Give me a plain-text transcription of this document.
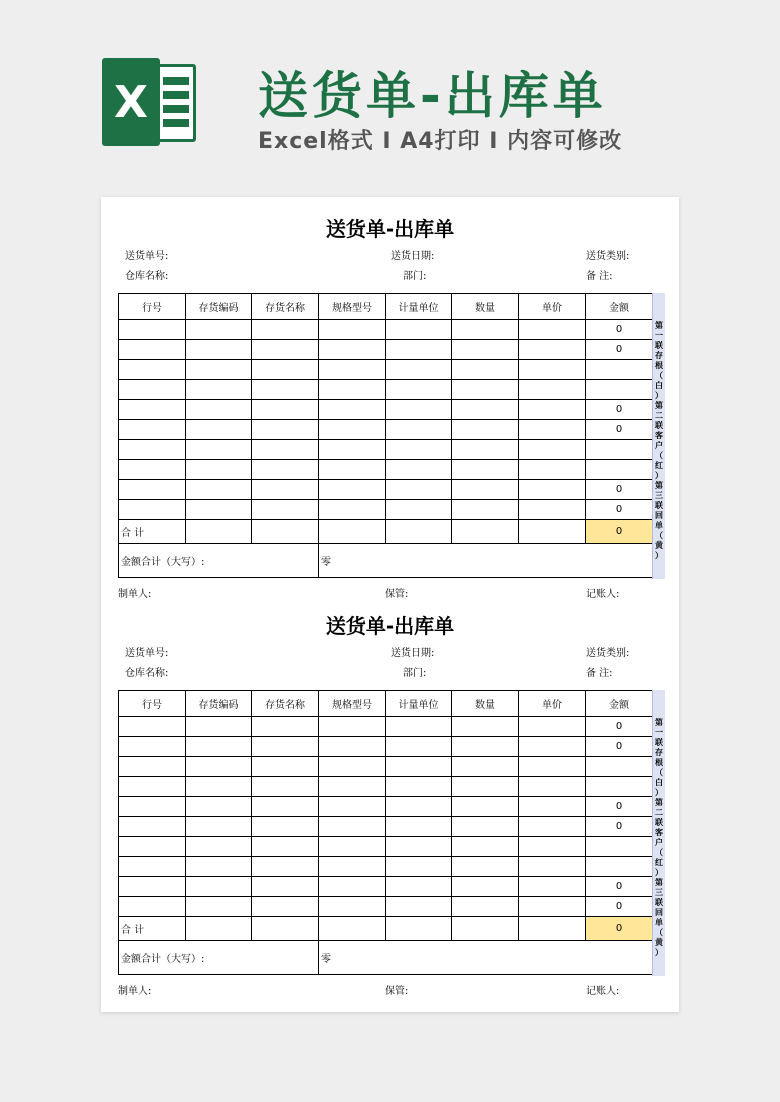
X 送货单-出库单
Excel格式 I A4打印 I 内容可修改
送货单-出库单
送货单号:	送货日期:	送货类别:
仓库名称:	部门:	备 注:
行号	存货编码	存货名称	规格型号	计量单位	数量	单价	金额
							0
							0

							0
							0

							0
							0
合 计							0
金额合计（大写）:			零				
第
一
联
存
根
（
白
）
第
二
联
客
户
（
红
）
第
三
联
回
单
（
黄
）
制单人:	保管:	记账人:
送货单-出库单
送货单号:	送货日期:	送货类别:
仓库名称:	部门:	备 注:
行号	存货编码	存货名称	规格型号	计量单位	数量	单价	金额
							0
							0

							0
							0

							0
							0
合 计							0
金额合计（大写）:			零				
第
一
联
存
根
（
白
）
第
二
联
客
户
（
红
）
第
三
联
回
单
（
黄
）
制单人:	保管:	记账人:
